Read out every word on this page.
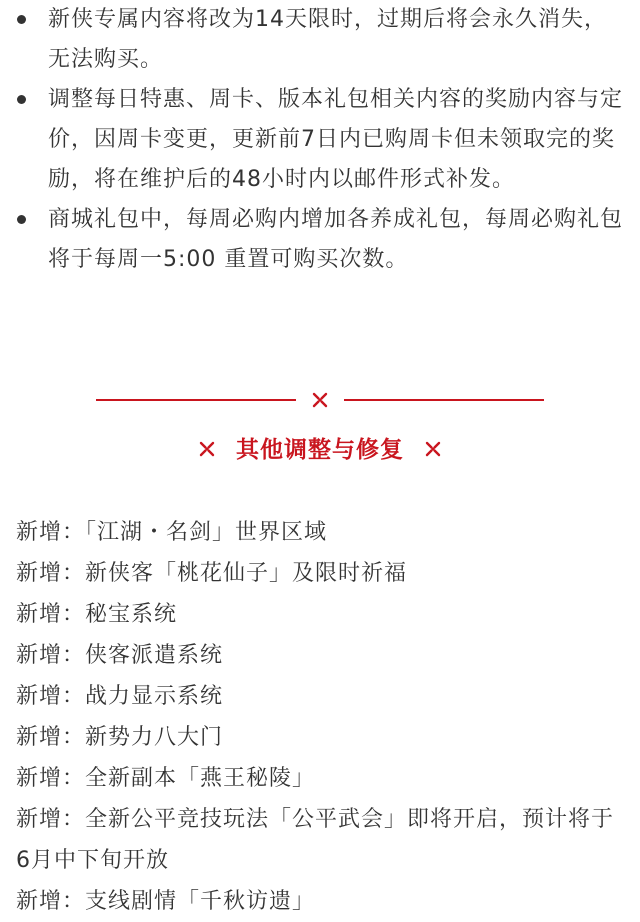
新侠专属内容将改为14天限时，过期后将会永久消失，无法购买。
调整每日特惠、周卡、版本礼包相关内容的奖励内容与定价，因周卡变更，更新前7日内已购周卡但未领取完的奖励，将在维护后的48小时内以邮件形式补发。
商城礼包中，每周必购内增加各养成礼包，每周必购礼包将于每周一5:00 重置可购买次数。
其他调整与修复
新增：「江湖・名剑」世界区域
新增：新侠客「桃花仙子」及限时祈福
新增：秘宝系统
新增：侠客派遣系统
新增：战力显示系统
新增：新势力八大门
新增：全新副本「燕王秘陵」
新增：全新公平竞技玩法「公平武会」即将开启，预计将于6月中下旬开放
新增：支线剧情「千秋访遗」
